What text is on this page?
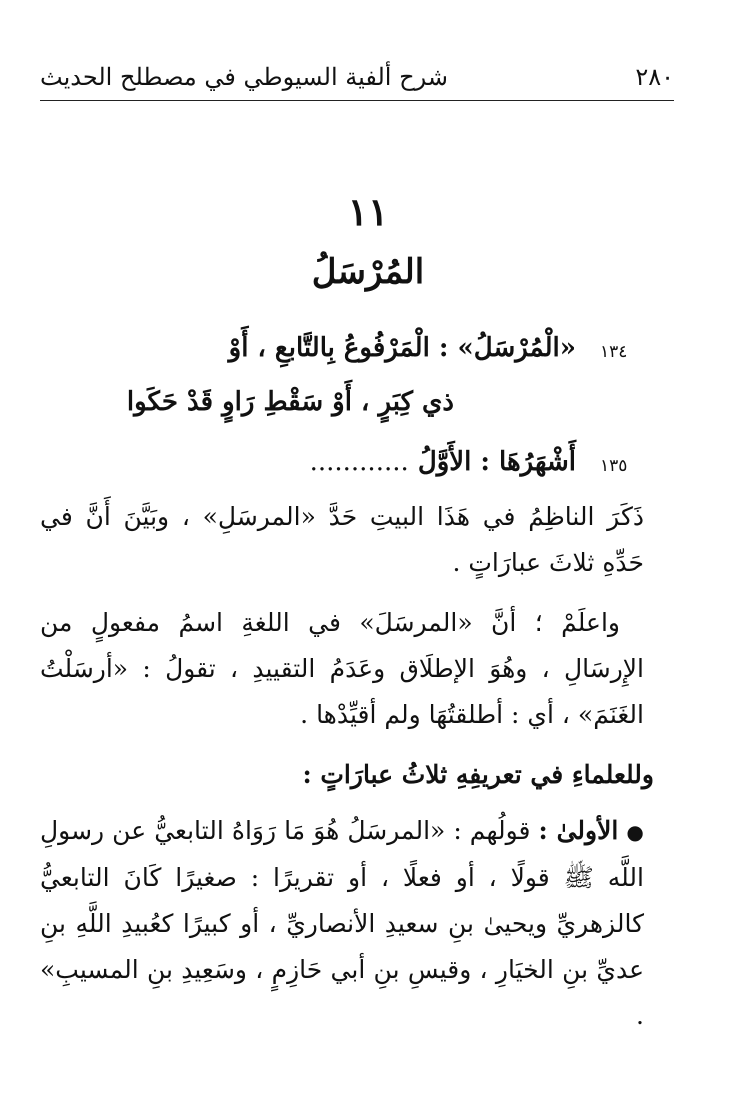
٢٨٠
شرح ألفية السيوطي في مصطلح الحديث
١١
المُرْسَلُ
١٣٤
«الْمُرْسَلُ» : الْمَرْفُوعُ بِالتَّابعِ ، أَوْ
ذي كِبَرٍ ، أَوْ سَقْطِ رَاوٍ قَدْ حَكَوا
١٣٥
أَشْهَرُهَا : الأَوَّلُ ............
ذَكَرَ الناظِمُ في هَذَا البيتِ حَدَّ «المرسَلِ» ، وبَيَّنَ أَنَّ في حَدِّهِ ثلاثَ عبارَاتٍ .
واعلَمْ ؛ أنَّ «المرسَلَ» في اللغةِ اسمُ مفعولٍ من الإِرسَالِ ، وهُوَ الإطلَاق وعَدَمُ التقييدِ ، تقولُ : «أرسَلْتُ الغَنَمَ» ، أي : أطلقتُهَا ولم أقيِّدْها .
وللعلماءِ في تعريفِهِ ثلاثُ عبارَاتٍ :
● الأولىٰ : قولُهم : «المرسَلُ هُوَ مَا رَوَاهُ التابعيُّ عن رسولِ اللَّه ﷺ قولًا ، أو فعلًا ، أو تقريرًا : صغيرًا كَانَ التابعيُّ كالزهريِّ ويحيىٰ بنِ سعيدِ الأنصاريِّ ، أو كبيرًا كعُبيدِ اللَّهِ بنِ عديِّ بنِ الخيَارِ ، وقيسِ بنِ أبي حَازِمٍ ، وسَعِيدِ بنِ المسيبِ» .
